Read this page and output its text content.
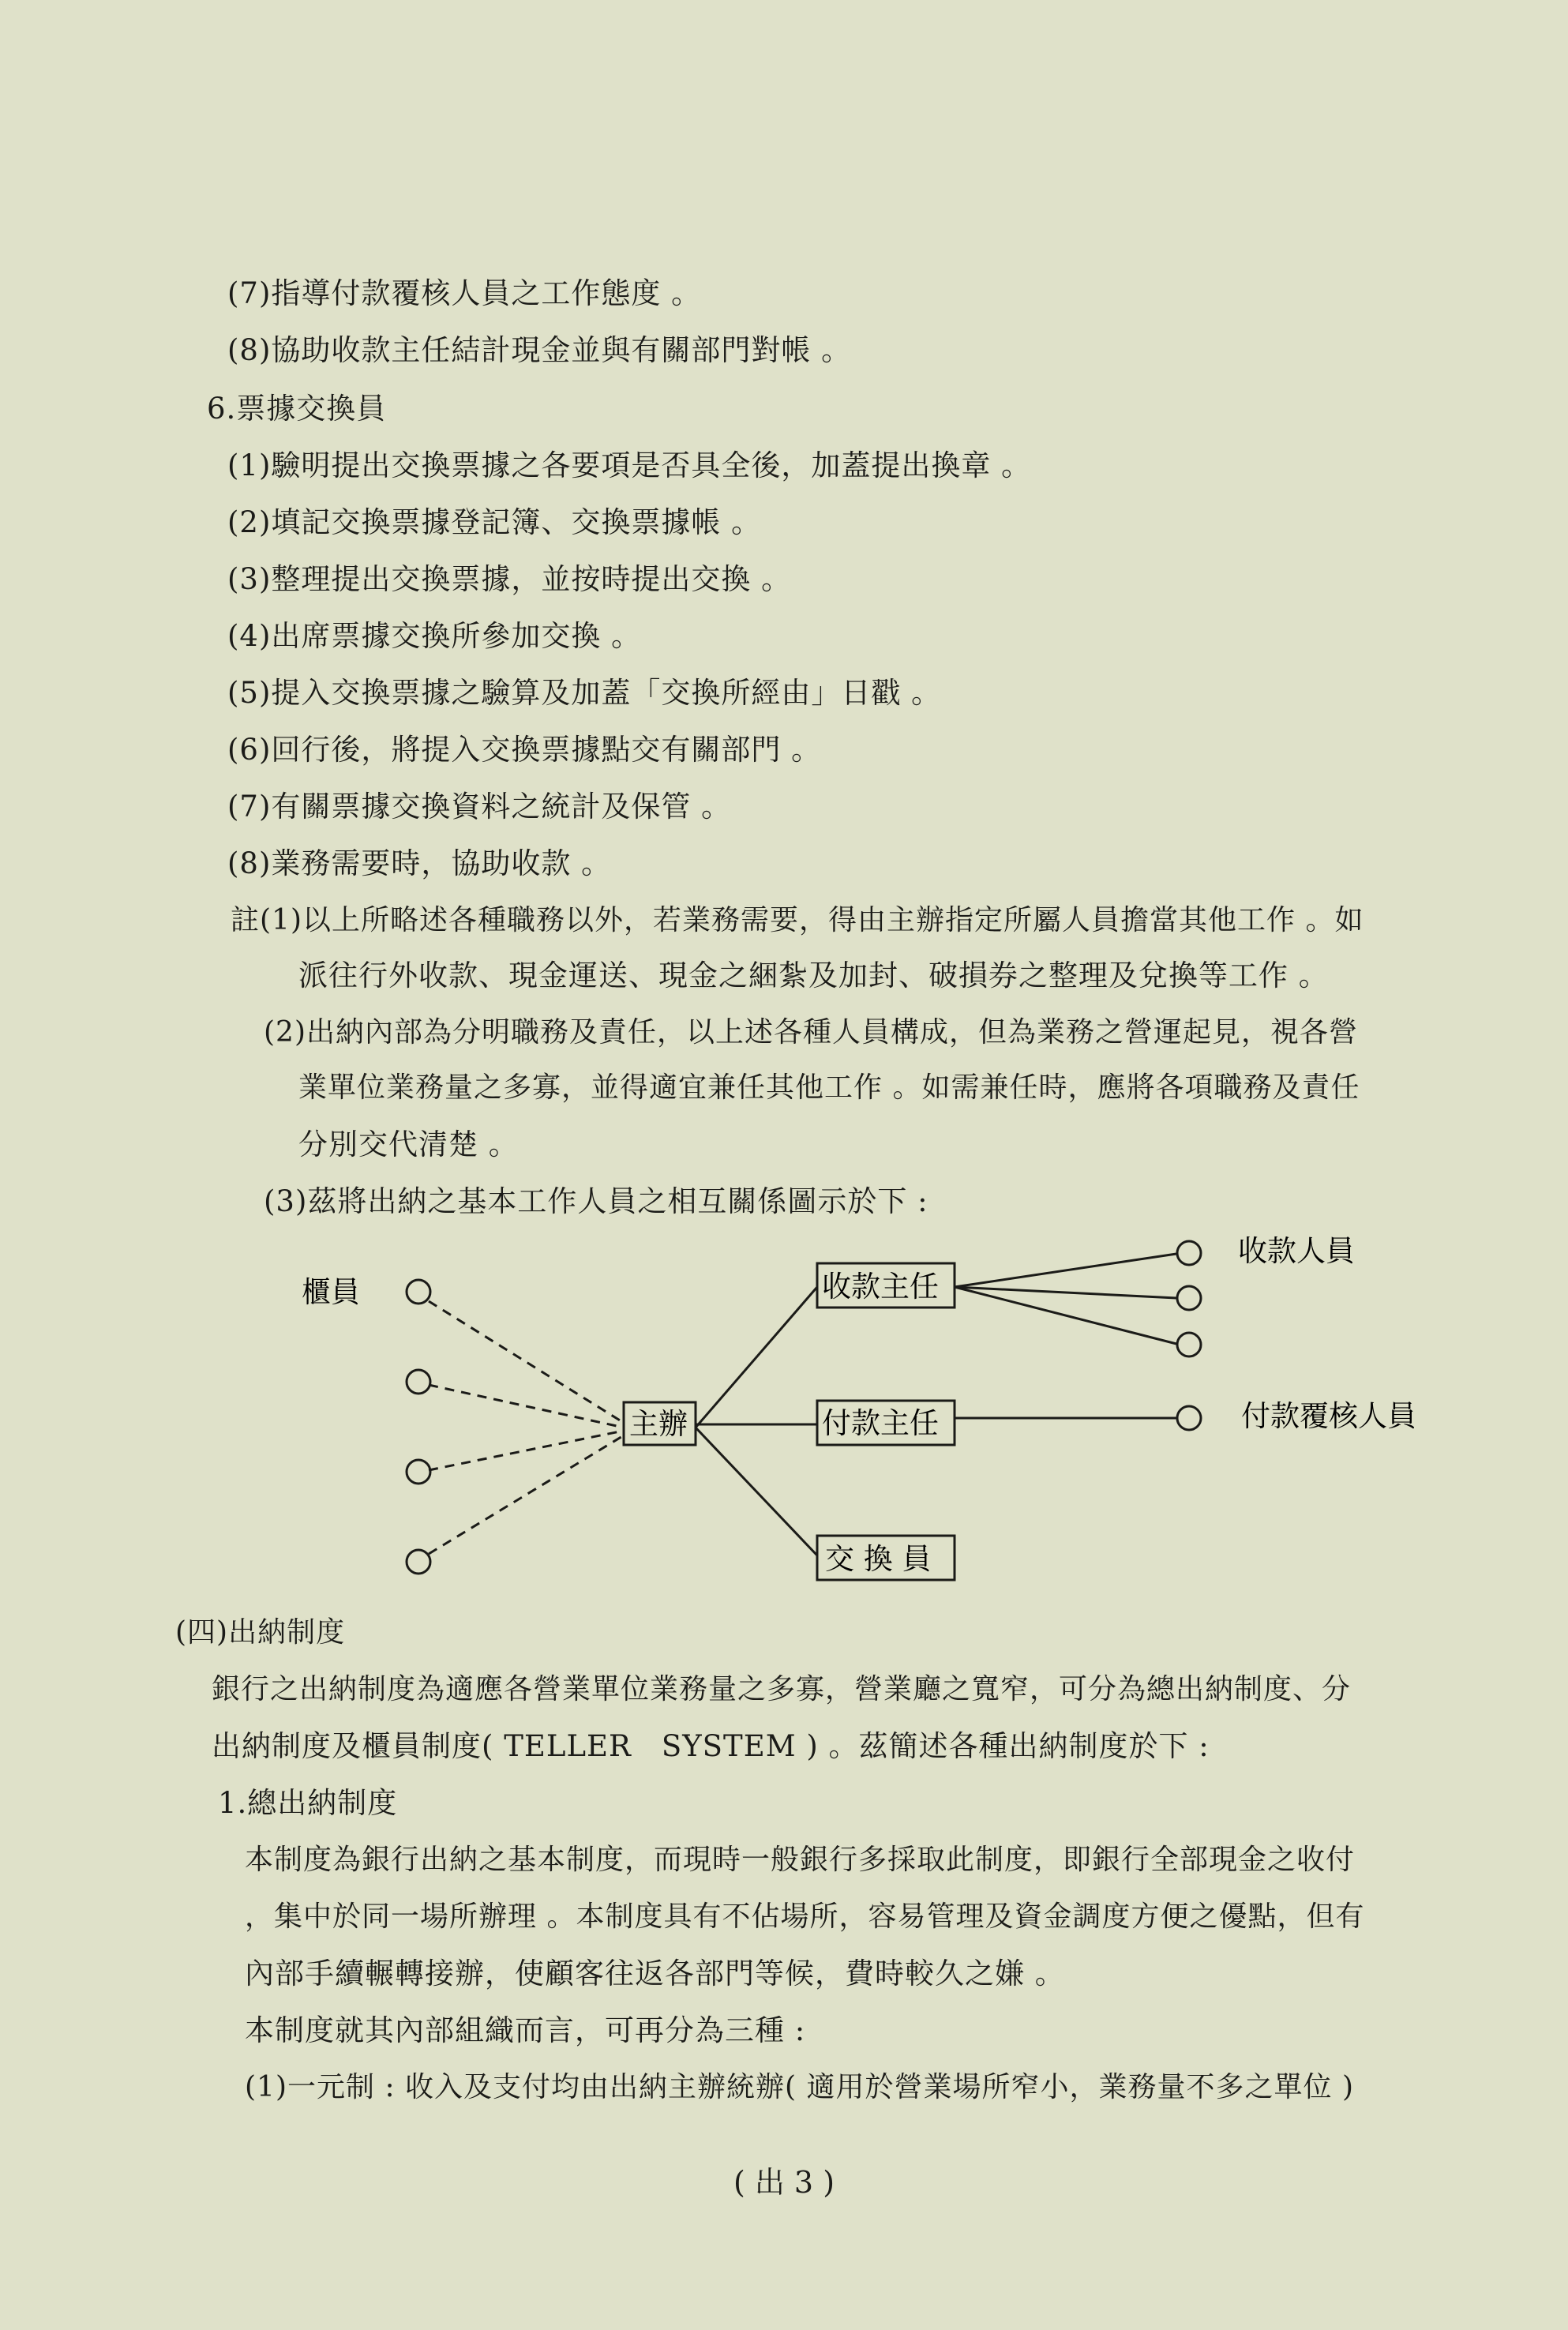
(7)指導付款覆核人員之工作態度 。
(8)協助收款主任結計現金並與有關部門對帳 。
6.票據交換員
(1)驗明提出交換票據之各要項是否具全後，加蓋提出換章 。
(2)填記交換票據登記簿、交換票據帳 。
(3)整理提出交換票據，並按時提出交換 。
(4)出席票據交換所參加交換 。
(5)提入交換票據之驗算及加蓋「交換所經由」日戳 。
(6)回行後，將提入交換票據點交有關部門 。
(7)有關票據交換資料之統計及保管 。
(8)業務需要時，協助收款 。
註(1)以上所略述各種職務以外，若業務需要，得由主辦指定所屬人員擔當其他工作 。如
派往行外收款、現金運送、現金之綑紮及加封、破損券之整理及兌換等工作 。
(2)出納內部為分明職務及責任，以上述各種人員構成，但為業務之營運起見，視各營
業單位業務量之多寡，並得適宜兼任其他工作 。如需兼任時，應將各項職務及責任
分別交代清楚 。
(3)茲將出納之基本工作人員之相互關係圖示於下 :
櫃員
主辦
收款主任
付款主任
交 換 員
收款人員
付款覆核人員
(四)出納制度
銀行之出納制度為適應各營業單位業務量之多寡，營業廳之寬窄，可分為總出納制度、分
出納制度及櫃員制度( TELLER　SYSTEM ) 。茲簡述各種出納制度於下 :
1.總出納制度
本制度為銀行出納之基本制度，而現時一般銀行多採取此制度，即銀行全部現金之收付
，集中於同一場所辦理 。本制度具有不佔場所，容易管理及資金調度方便之優點，但有
內部手續輾轉接辦，使顧客往返各部門等候，費時較久之嫌 。
本制度就其內部組織而言，可再分為三種 :
(1)一元制 : 收入及支付均由出納主辦統辦( 適用於營業場所窄小，業務量不多之單位 )
( 出 3 )
